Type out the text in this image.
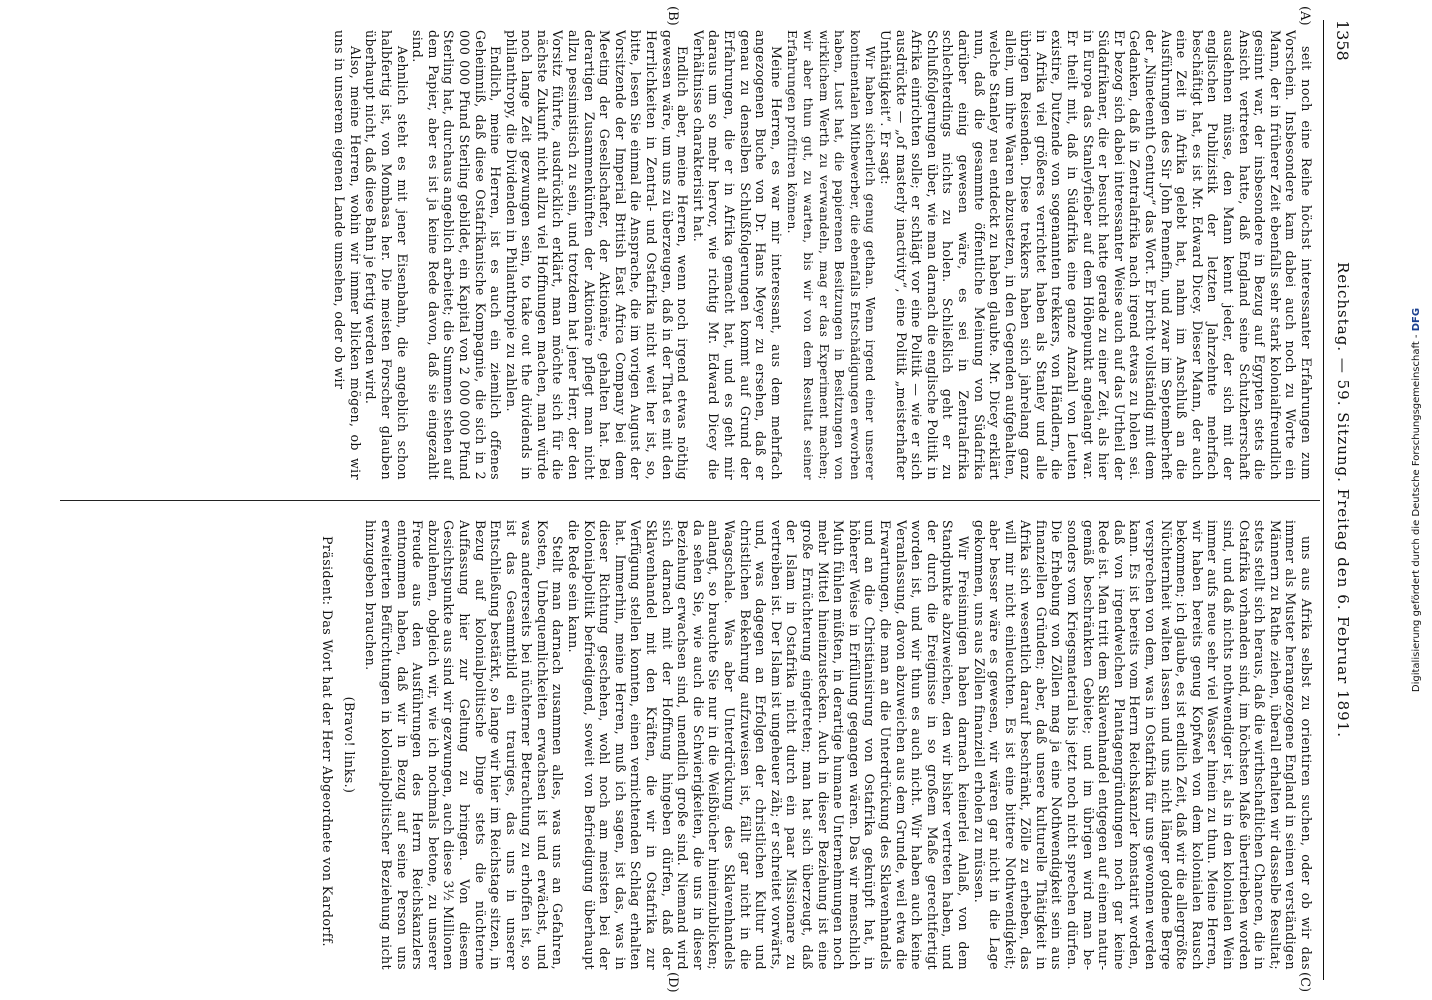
1358
Reichstag. — 59. Sitzung. Freitag den 6. Februar 1891.
(A)
(B)
(C)
(D)

seit noch eine Reihe höchst interessanter Erfahrungen zum Vorschein. Insbesondere kam dabei auch noch zu Worte ein Mann, der in früherer Zeit ebenfalls sehr stark kolonialfreundlich gesinnt war, der insbesondere in Bezug auf Egypten stets die Ansicht vertreten hatte, daß England seine Schutzherrschaft ausdehnen müsse, den Mann kennt jeder, der sich mit der englischen Publizistik der letzten Jahrzehnte mehrfach beschäftigt hat, es ist Mr. Edward Dicey. Dieser Mann, der auch eine Zeit in Afrika gelebt hat, nahm im Anschluß an die Ausführungen des Sir John Pennefin, und zwar im Septemberheft der „Nineteenth Century“ das Wort. Er bricht vollständig mit dem Gedanken, daß in Zentralafrika nach irgend etwas zu holen sei. Er bezog sich dabei interessanter Weise auch auf das Urtheil der Südafrikaner, die er besucht hatte gerade zu einer Zeit, als hier in Europa das Stanleyfieber auf dem Höhepunkt angelangt war. Er theilt mit, daß in Südafrika eine ganze Anzahl von Leuten existire, Dutzende von sogenannten trekkers, von Händlern, die in Afrika viel größeres verrichtet haben als Stanley und alle übrigen Reisenden. Diese trekkers haben sich jahrelang ganz allein, um ihre Waaren abzusetzen, in den Gegenden aufgehalten, welche Stanley neu entdeckt zu haben glaubte. Mr. Dicey erklärt nun, daß die gesammte öffentliche Meinung von Südafrika darüber einig gewesen wäre, es sei in Zentralafrika schlechterdings nichts zu holen. Schließlich geht er zu Schlußfolgerungen über, wie man darnach die englische Politik in Afrika einrichten solle; er schlägt vor eine Politik — wie er sich ausdrückte — „of masterly inactivity“, eine Politik „meisterhafter Unthätigkeit“. Er sagt:

Wir haben sicherlich genug gethan. Wenn irgend einer unserer kontinentalen Mitbewerber, die ebenfalls Entschädigungen erworben haben, Lust hat, die papierenen Besitzungen in Besitzungen von wirklichem Werth zu verwandeln, mag er das Experiment machen; wir aber thun gut, zu warten, bis wir von dem Resultat seiner Erfahrungen profitiren können.

Meine Herren, es war mir interessant, aus dem mehrfach angezogenen Buche von Dr. Hans Meyer zu ersehen, daß er genau zu denselben Schlußfolgerungen kommt auf Grund der Erfahrungen, die er in Afrika gemacht hat, und es geht mir daraus um so mehr hervor, wie richtig Mr. Edward Dicey die Verhältnisse charakterisirt hat.

Endlich aber, meine Herren, wenn noch irgend etwas nöthig gewesen wäre, um uns zu überzeugen, daß in der That es mit den Herrlichkeiten in Zentral- und Ostafrika nicht weit her ist, so, bitte, lesen Sie einmal die Ansprache, die im vorigen August der Vorsitzende der Imperial British East Africa Company bei dem Meeting der Gesellschafter, der Aktionäre, gehalten hat. Bei derartigen Zusammenkünften der Aktionäre pflegt man nicht allzu pessimistisch zu sein, und trotzdem hat jener Herr, der den Vorsitz führte, ausdrücklich erklärt, man möchte sich für die nächste Zukunft nicht allzu viel Hoffnungen machen, man würde noch lange Zeit gezwungen sein, to take out the dividends in philanthropy, die Dividenden in Philanthropie zu zahlen.

Endlich, meine Herren, ist es auch ein ziemlich offenes Geheimniß, daß diese Ostafrikanische Kompagnie, die sich in 2 000 000 Pfund Sterling gebildet, ein Kapital von 2 000 000 Pfund Sterling hat, durchaus angeblich arbeitet; die Summen stehen auf dem Papier, aber es ist ja keine Rede davon, daß sie eingezahlt sind.

Aehnlich steht es mit jener Eisenbahn, die angeblich schon halbfertig ist, von Mombasa her. Die meisten Forscher glauben überhaupt nicht, daß diese Bahn je fertig werden wird.

Also, meine Herren, wohin wir immer blicken mögen, ob wir uns in unserem eigenen Lande umsehen, oder ob wir

uns aus Afrika selbst zu orientiren suchen, oder ob wir das immer als Muster herangezogene England in seinen verständigen Männern zu Rathe ziehen, überall erhalten wir dasselbe Resultat; stets stellt sich heraus, daß die wirthschaftlichen Chancen, die in Ostafrika vorhanden sind, im höchsten Maße übertrieben worden sind, und daß nichts nothwendiger ist, als in den kolonialen Wein immer aufs neue sehr viel Wasser hinein zu thun. Meine Herren, wir haben bereits genug Kopfweh von dem kolonialen Rausch bekommen; ich glaube, es ist endlich Zeit, daß wir die allergrößte Nüchternheit walten lassen und uns nicht länger goldene Berge versprechen von dem, was in Ostafrika für uns gewonnen werden kann. Es ist bereits vom Herrn Reichskanzler konstatirt worden, daß von irgendwelchen Plantagengründungen noch gar keine Rede ist. Man tritt dem Sklavenhandel entgegen auf einem naturgemäß beschränkten Gebiete; und im übrigen wird man besonders vom Kriegsmaterial bis jetzt noch nicht sprechen dürfen. Die Erhebung von Zöllen mag ja eine Nothwendigkeit sein aus finanziellen Gründen; aber, daß unsere kulturelle Thätigkeit in Afrika sich wesentlich darauf beschränkt, Zölle zu erheben, das will mir nicht einleuchten. Es ist eine bittere Nothwendigkeit; aber besser wäre es gewesen, wir wären gar nicht in die Lage gekommen, uns aus Zöllen finanziell erholen zu müssen.

Wir Freisinnigen haben darnach keinerlei Anlaß, von dem Standpunkte abzuweichen, den wir bisher vertreten haben, und der durch die Ereignisse in so großem Maße gerechtfertigt worden ist, und wir thun es auch nicht. Wir haben auch keine Veranlassung, davon abzuweichen aus dem Grunde, weil etwa die Erwartungen, die man an die Unterdrückung des Sklavenhandels und an die Christianisirung von Ostafrika geknüpft hat, in höherer Weise in Erfüllung gegangen wären. Das wir menschlich Muth fühlen müßten, in derartige humane Unternehmungen noch mehr Mittel hineinzustecken. Auch in dieser Beziehung ist eine große Ernüchterung eingetreten; man hat sich überzeugt, daß der Islam in Ostafrika nicht durch ein paar Missionare zu vertreiben ist. Der Islam ist ungeheuer zäh; er schreitet vorwärts, und, was dagegen an Erfolgen der christlichen Kultur und christlichen Bekehrung aufzuweisen ist, fällt gar nicht in die Waagschale. Was aber Unterdrückung des Sklavenhandels anlangt, so brauchte Sie nur in die Weißbücher hineinzublicken; da sehen Sie, wie auch die Schwierigkeiten, die uns in dieser Beziehung erwachsen sind, unendlich große sind. Niemand wird sich darnach mit der Hoffnung hingeben dürfen, daß der Sklavenhandel mit den Kräften, die wir in Ostafrika zur Verfügung stellen konnten, einen vernichtenden Schlag erhalten hat. Immerhin, meine Herren, muß ich sagen, ist das, was in dieser Richtung geschehen, wohl noch am meisten bei der Kolonialpolitik befriedigend, soweit von Befriedigung überhaupt die Rede sein kann.

Stellt man darnach zusammen alles, was uns an Gefahren, Kosten, Unbequemlichkeiten erwachsen ist und erwächst, und was andererseits bei nüchterner Betrachtung zu erhoffen ist, so ist das Gesammtbild ein trauriges, das uns in unserer Entschließung bestärkt, so lange wir hier im Reichstage sitzen, in Bezug auf kolonialpolitische Dinge stets die nüchterne Auffassung hier zur Geltung zu bringen. Von diesem Gesichtspunkte aus sind wir gezwungen, auch diese 3½ Millionen abzulehnen, obgleich wir, wie ich nochmals betone, zu unserer Freude aus den Ausführungen des Herrn Reichskanzlers entnommen haben, daß wir in Bezug auf seine Person uns erweiterten Befürchtungen in kolonialpolitischer Beziehung nicht hinzugeben brauchen.

(Bravo! links.)

Präsident: Das Wort hat der Herr Abgeordnete von Kardorff.

Digitalisierung gefördert durch die Deutsche Forschungsgemeinschaft - DFG
